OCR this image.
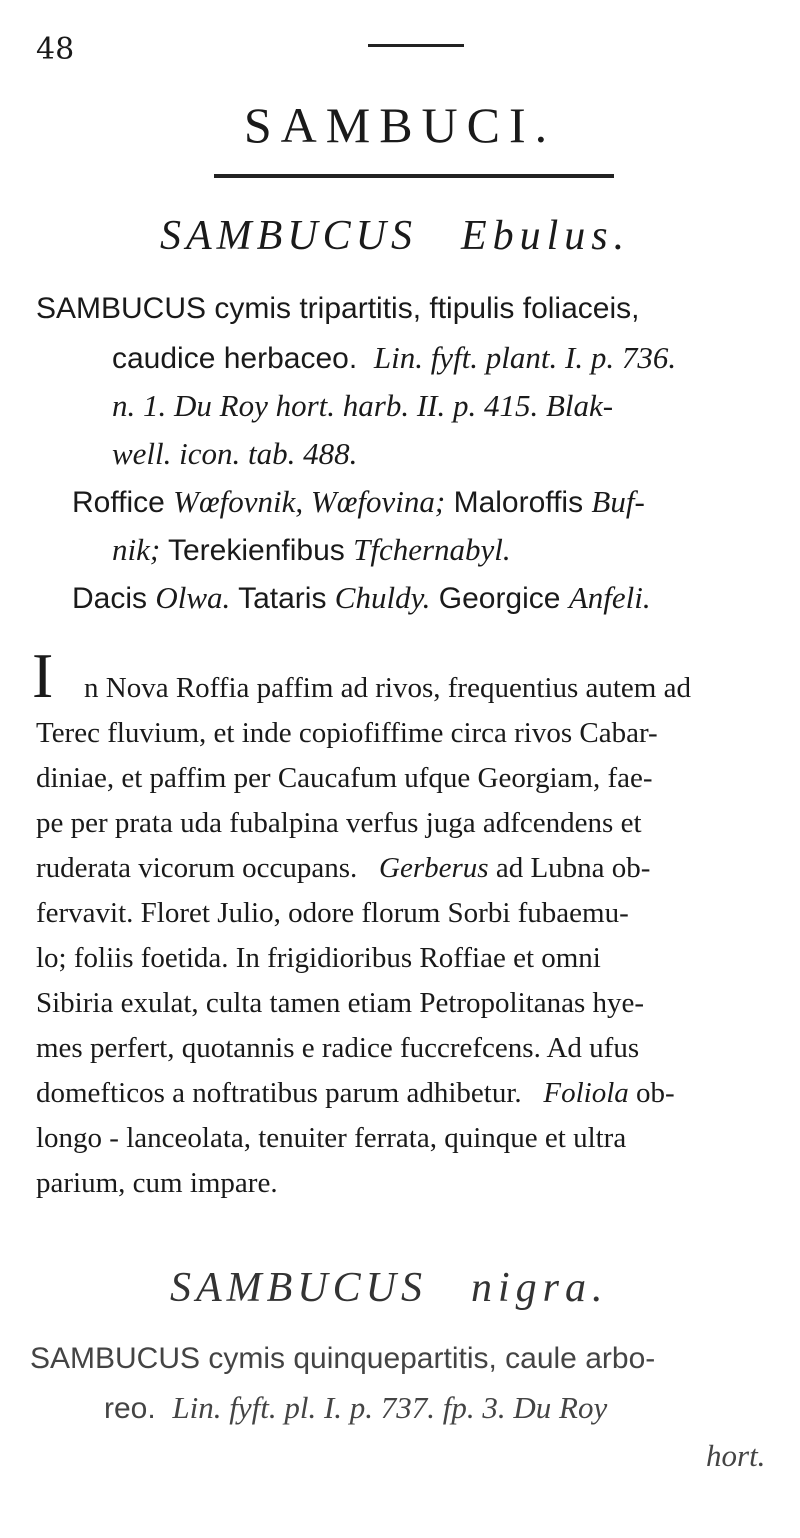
48
SAMBUCI.
SAMBUCUS Ebulus.
SAMBUCUS cymis tripartitis, ftipulis foliaceis,
caudice herbaceo. Lin. fyft. plant. I. p. 736.
n. 1. Du Roy hort. harb. II. p. 415. Blak-
well. icon. tab. 488.
Roffice Wœfovnik, Wœfovina; Maloroffis Buf-
nik; Terekienfibus Tfchernabyl.
Dacis Olwa. Tataris Chuldy. Georgice Anfeli.
I n Nova Roffia paffim ad rivos, frequentius autem ad
Terec fluvium, et inde copiofiffime circa rivos Cabar-
diniae, et paffim per Caucafum ufque Georgiam, fae-
pe per prata uda fubalpina verfus juga adfcendens et
ruderata vicorum occupans. Gerberus ad Lubna ob-
fervavit. Floret Julio, odore florum Sorbi fubaemu-
lo; foliis foetida. In frigidioribus Roffiae et omni
Sibiria exulat, culta tamen etiam Petropolitanas hye-
mes perfert, quotannis e radice fuccrefcens. Ad ufus
domefticos a noftratibus parum adhibetur. Foliola ob-
longo - lanceolata, tenuiter ferrata, quinque et ultra
parium, cum impare.
SAMBUCUS nigra.
SAMBUCUS cymis quinquepartitis, caule arbo-
reo. Lin. fyft. pl. I. p. 737. fp. 3. Du Roy
hort.
